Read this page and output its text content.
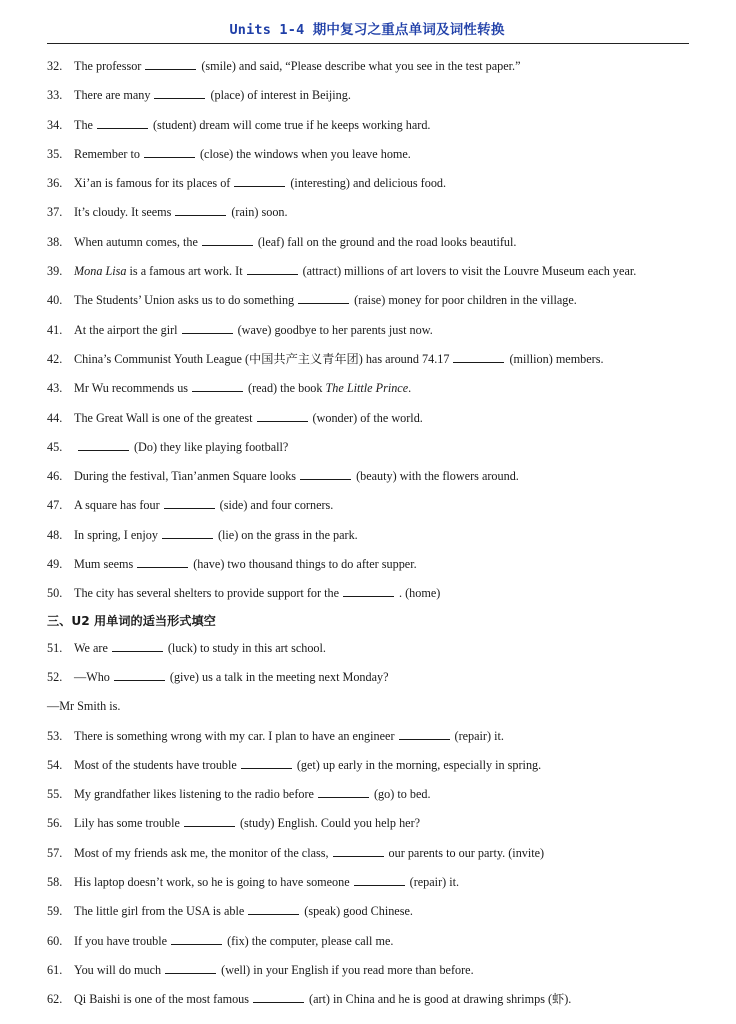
Units 1-4 期中复习之重点单词及词性转换
32. The professor	(smile) and said, “Please describe what you see in the test paper.”
33. There are many	(place) of interest in Beijing.
34. The	(student) dream will come true if he keeps working hard.
35. Remember to	(close) the windows when you leave home.
36. Xi’an is famous for its places of	(interesting) and delicious food.
37. It’s cloudy. It seems	(rain) soon.
38. When autumn comes, the	(leaf) fall on the ground and the road looks beautiful.
39. Mona Lisa is a famous art work. It	(attract) millions of art lovers to visit the Louvre Museum each year.
40. The Students’ Union asks us to do something	(raise) money for poor children in the village.
41. At the airport the girl	(wave) goodbye to her parents just now.
42. China’s Communist Youth League (中国共产主义青年团) has around 74.17	(million) members.
43. Mr Wu recommends us	(read) the book The Little Prince.
44. The Great Wall is one of the greatest	(wonder) of the world.
45.	(Do) they like playing football?
46. During the festival, Tian’anmen Square looks	(beauty) with the flowers around.
47. A square has four	(side) and four corners.
48. In spring, I enjoy	(lie) on the grass in the park.
49. Mum seems	(have) two thousand things to do after supper.
50. The city has several shelters to provide support for the	. (home)
三、U2 用单词的适当形式填空
51. We are	(luck) to study in this art school.
52. —Who	(give) us a talk in the meeting next Monday?
—Mr Smith is.
53. There is something wrong with my car. I plan to have an engineer	(repair) it.
54. Most of the students have trouble	(get) up early in the morning, especially in spring.
55. My grandfather likes listening to the radio before	(go) to bed.
56. Lily has some trouble	(study) English. Could you help her?
57. Most of my friends ask me, the monitor of the class,	our parents to our party. (invite)
58. His laptop doesn’t work, so he is going to have someone	(repair) it.
59. The little girl from the USA is able	(speak) good Chinese.
60. If you have trouble	(fix) the computer, please call me.
61. You will do much	(well) in your English if you read more than before.
62. Qi Baishi is one of the most famous	(art) in China and he is good at drawing shrimps (虾).
